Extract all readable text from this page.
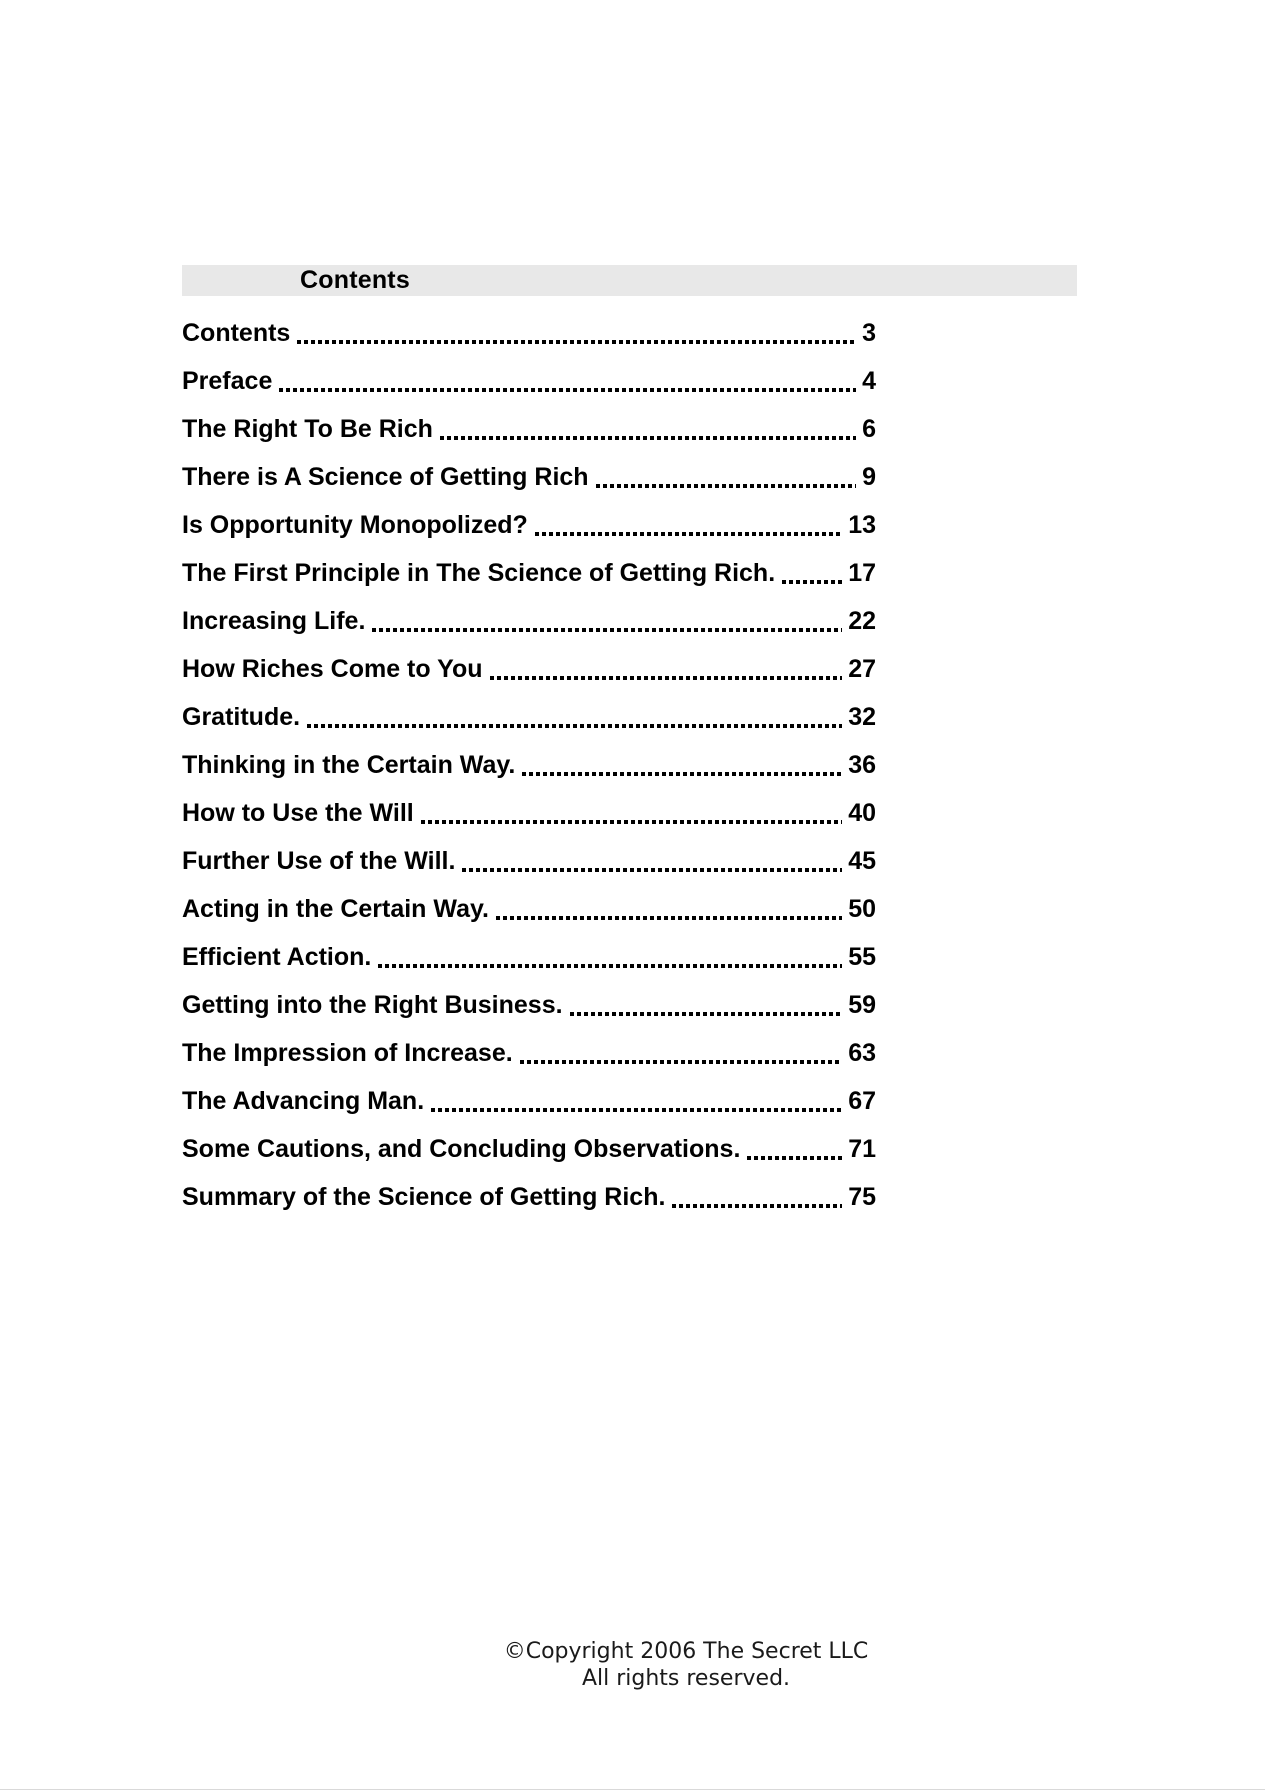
Contents
Contents	3
Preface	4
The Right To Be Rich	6
There is A Science of Getting Rich	9
Is Opportunity Monopolized?	13
The First Principle in The Science of Getting Rich.	17
Increasing Life.	22
How Riches Come to You	27
Gratitude.	32
Thinking in the Certain Way.	36
How to Use the Will	40
Further Use of the Will.	45
Acting in the Certain Way.	50
Efficient Action.	55
Getting into the Right Business.	59
The Impression of Increase.	63
The Advancing Man.	67
Some Cautions, and Concluding Observations.	71
Summary of the Science of Getting Rich.	75
©Copyright 2006 The Secret LLC
All rights reserved.
